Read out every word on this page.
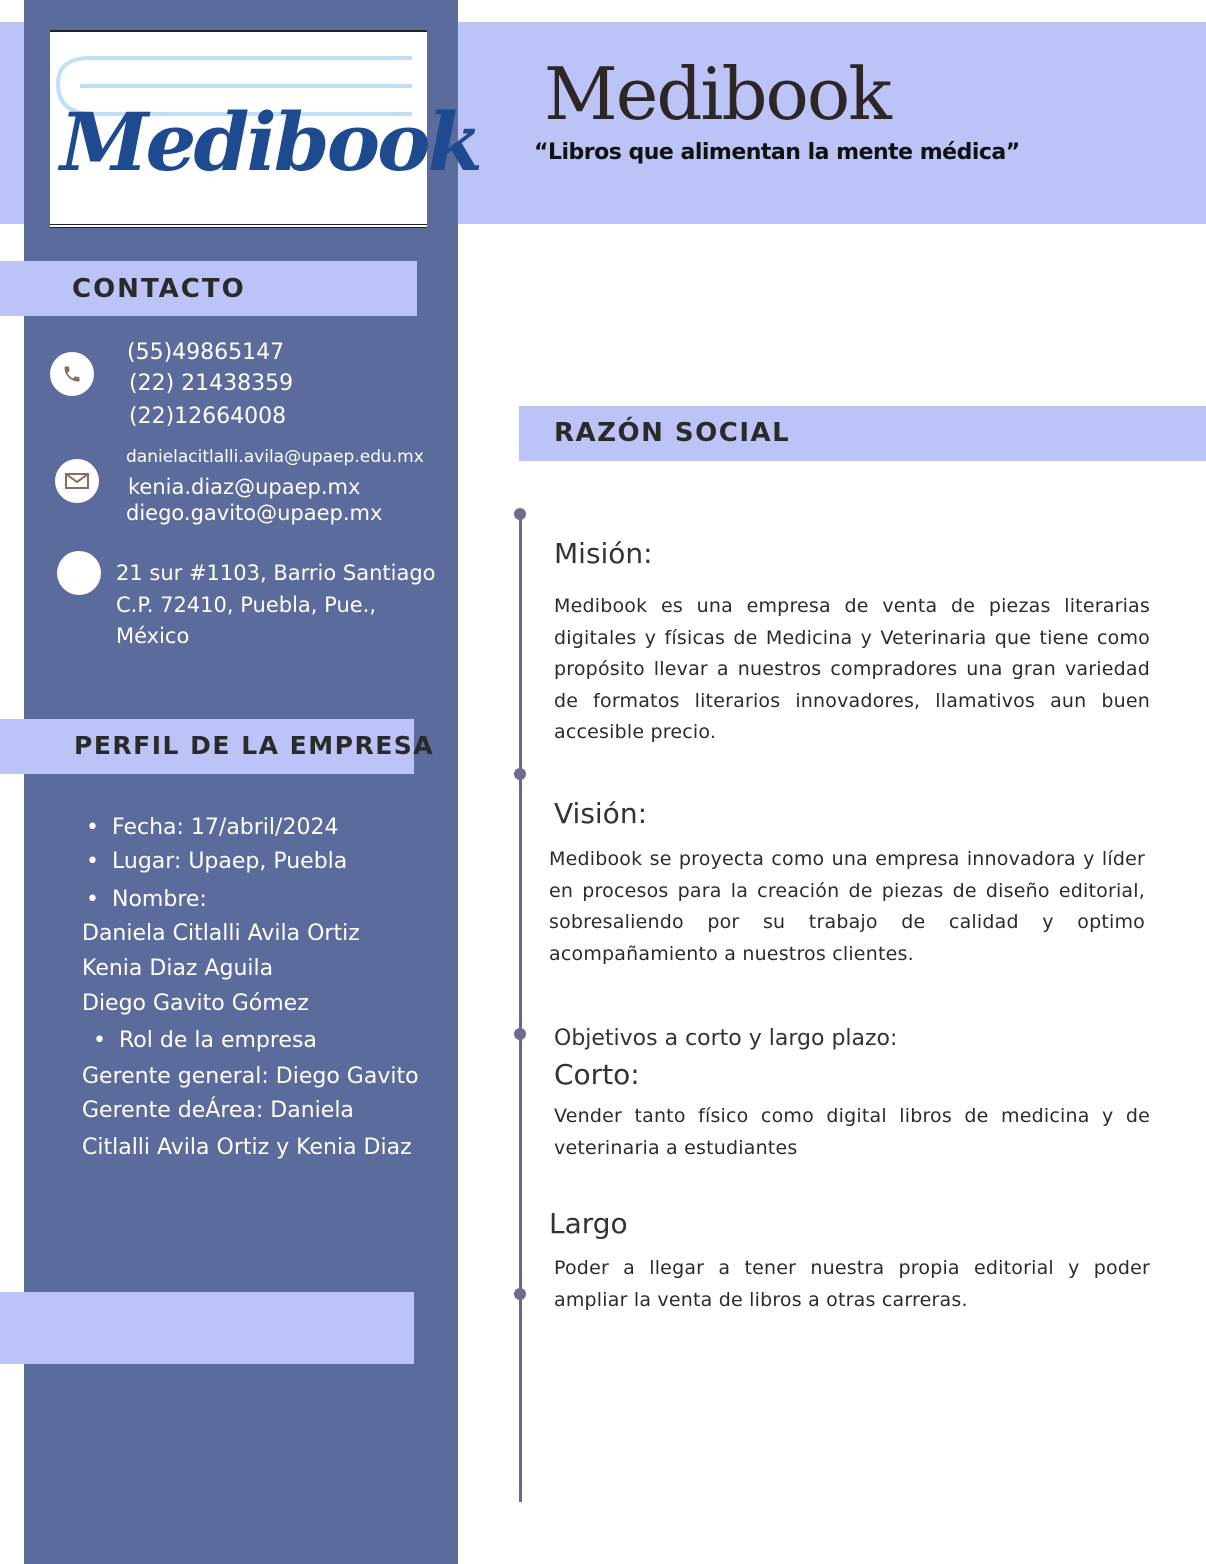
Medibook
Medibook
“Libros que alimentan la mente médica”
CONTACTO
(55)49865147
(22) 21438359
(22)12664008
danielacitlalli.avila@upaep.edu.mx
kenia.diaz@upaep.mx
diego.gavito@upaep.mx
21 sur #1103, Barrio Santiago
C.P. 72410, Puebla, Pue.,
México
PERFIL DE LA EMPRESA
• Fecha: 17/abril/2024
• Lugar: Upaep, Puebla
• Nombre:
Daniela Citlalli Avila Ortiz
Kenia Diaz Aguila
Diego Gavito Gómez
• Rol de la empresa
Gerente general: Diego Gavito
Gerente deÁrea: Daniela
Citlalli Avila Ortiz y Kenia Diaz
RAZÓN SOCIAL
Misión:
Medibook es una empresa de venta de piezas literarias digitales y físicas de Medicina y Veterinaria que tiene como propósito llevar a nuestros compradores una gran variedad de formatos literarios innovadores, llamativos aun buen accesible precio.
Visión:
Medibook se proyecta como una empresa innovadora y líder en procesos para la creación de piezas de diseño editorial, sobresaliendo por su trabajo de calidad y optimo acompañamiento a nuestros clientes.
Objetivos a corto y largo plazo:
Corto:
Vender tanto físico como digital libros de medicina y de veterinaria a estudiantes
Largo
Poder a llegar a tener nuestra propia editorial y poder ampliar la venta de libros a otras carreras.
